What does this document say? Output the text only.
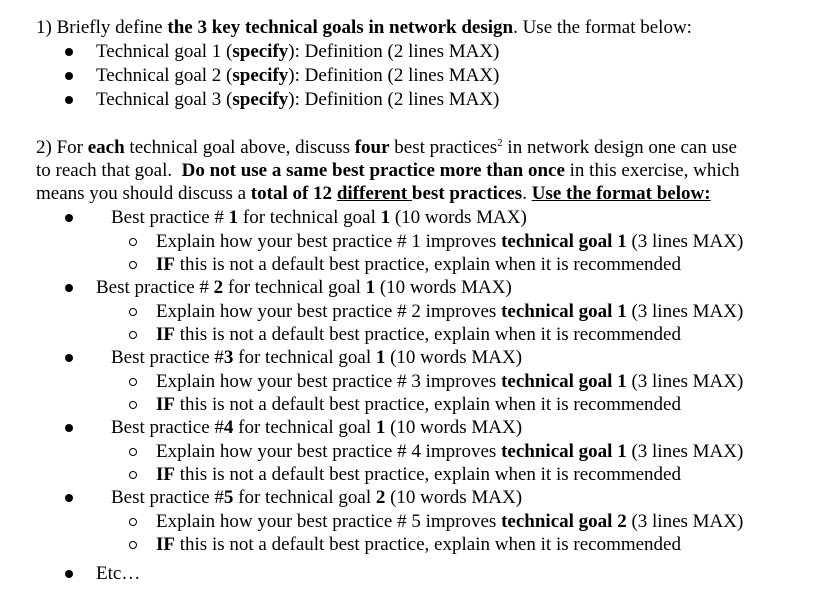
1) Briefly define the 3 key technical goals in network design. Use the format below:
Technical goal 1 (specify): Definition (2 lines MAX)
Technical goal 2 (specify): Definition (2 lines MAX)
Technical goal 3 (specify): Definition (2 lines MAX)
2) For each technical goal above, discuss four best practices$^2$ in network design one can use
to reach that goal.  Do not use a same best practice more than once in this exercise, which
means you should discuss a total of 12 different best practices. Use the format below:
Best practice # 1 for technical goal 1 (10 words MAX)
Explain how your best practice # 1 improves technical goal 1 (3 lines MAX)
IF this is not a default best practice, explain when it is recommended
Best practice # 2 for technical goal 1 (10 words MAX)
Explain how your best practice # 2 improves technical goal 1 (3 lines MAX)
IF this is not a default best practice, explain when it is recommended
Best practice #3 for technical goal 1 (10 words MAX)
Explain how your best practice # 3 improves technical goal 1 (3 lines MAX)
IF this is not a default best practice, explain when it is recommended
Best practice #4 for technical goal 1 (10 words MAX)
Explain how your best practice # 4 improves technical goal 1 (3 lines MAX)
IF this is not a default best practice, explain when it is recommended
Best practice #5 for technical goal 2 (10 words MAX)
Explain how your best practice # 5 improves technical goal 2 (3 lines MAX)
IF this is not a default best practice, explain when it is recommended
Etc…
